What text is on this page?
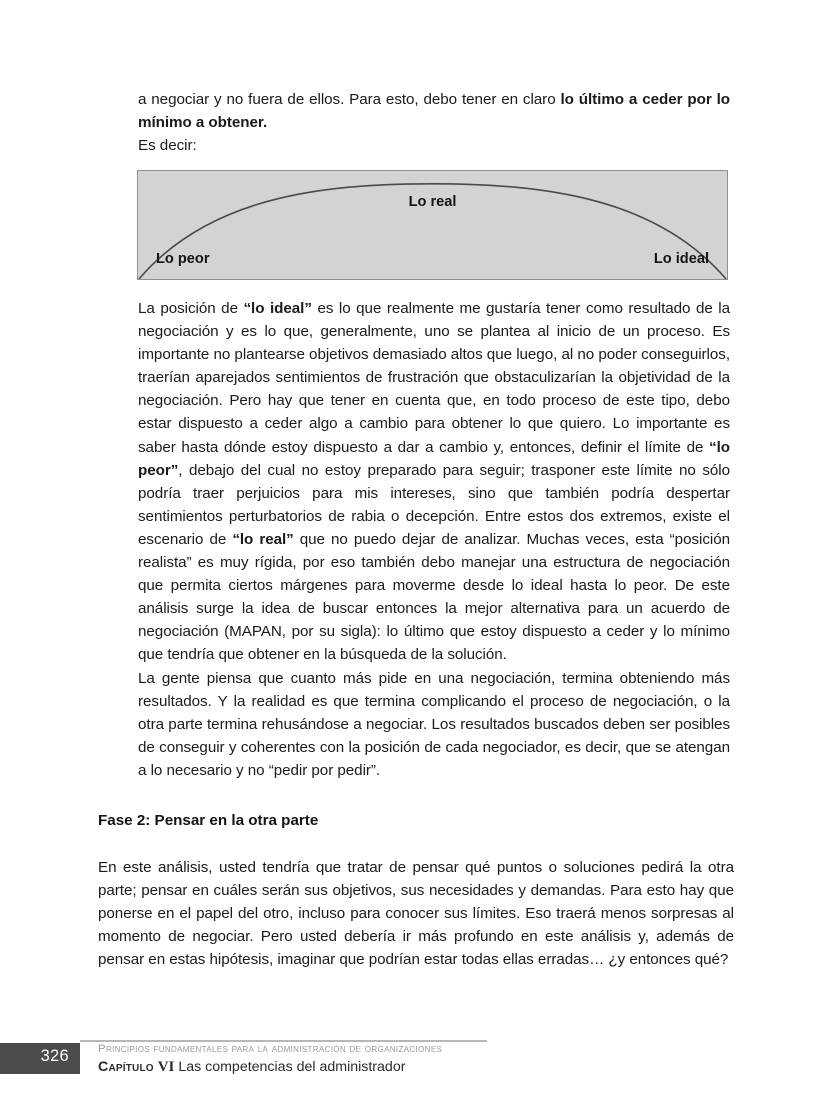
a negociar y no fuera de ellos. Para esto, debo tener en claro lo último a ceder por lo mínimo a obtener.

Es decir:

Lo real
Lo peor	Lo ideal

La posición de “lo ideal” es lo que realmente me gustaría tener como resultado de la negociación y es lo que, generalmente, uno se plantea al inicio de un proceso. Es importante no plantearse objetivos demasiado altos que luego, al no poder conseguirlos, traerían aparejados sentimientos de frustración que obstaculizarían la objetividad de la negociación. Pero hay que tener en cuenta que, en todo proceso de este tipo, debo estar dispuesto a ceder algo a cambio para obtener lo que quiero. Lo importante es saber hasta dónde estoy dispuesto a dar a cambio y, entonces, definir el límite de “lo peor”, debajo del cual no estoy preparado para seguir; trasponer este límite no sólo podría traer perjuicios para mis intereses, sino que también podría despertar sentimientos perturbatorios de rabia o decepción. Entre estos dos extremos, existe el escenario de “lo real” que no puedo dejar de analizar. Muchas veces, esta “posición realista” es muy rígida, por eso también debo manejar una estructura de negociación que permita ciertos márgenes para moverme desde lo ideal hasta lo peor. De este análisis surge la idea de buscar entonces la mejor alternativa para un acuerdo de negociación (MAPAN, por su sigla): lo último que estoy dispuesto a ceder y lo mínimo que tendría que obtener en la búsqueda de la solución.

La gente piensa que cuanto más pide en una negociación, termina obteniendo más resultados. Y la realidad es que termina complicando el proceso de negociación, o la otra parte termina rehusándose a negociar. Los resultados buscados deben ser posibles de conseguir y coherentes con la posición de cada negociador, es decir, que se atengan a lo necesario y no “pedir por pedir”.

Fase 2: Pensar en la otra parte

En este análisis, usted tendría que tratar de pensar qué puntos o soluciones pedirá la otra parte; pensar en cuáles serán sus objetivos, sus necesidades y demandas. Para esto hay que ponerse en el papel del otro, incluso para conocer sus límites. Eso traerá menos sorpresas al momento de negociar. Pero usted debería ir más profundo en este análisis y, además de pensar en estas hipótesis, imaginar que podrían estar todas ellas erradas… ¿y entonces qué?

326	Principios fundamentales para la administración de organizaciones
Capítulo VI Las competencias del administrador
